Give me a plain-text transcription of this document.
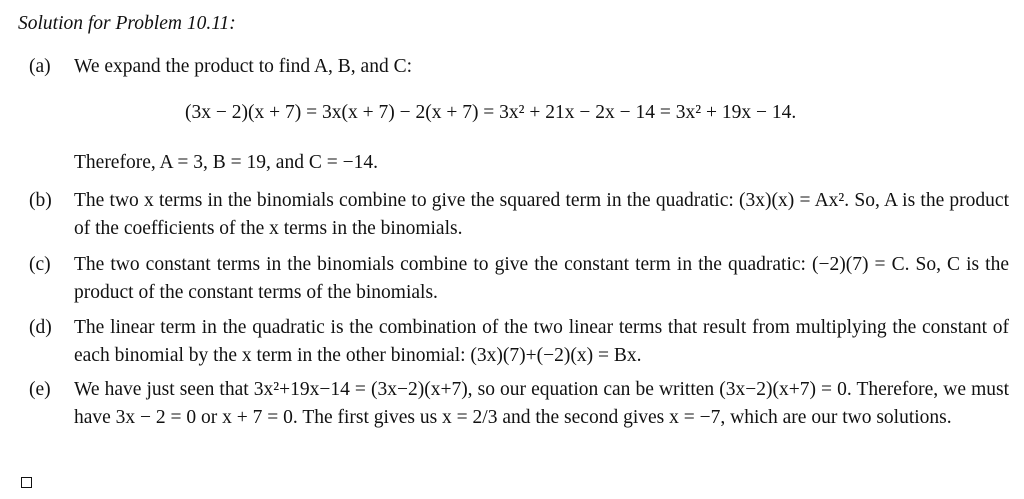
Solution for Problem 10.11:
(a)	We expand the product to find A, B, and C:
(3x − 2)(x + 7) = 3x(x + 7) − 2(x + 7) = 3x² + 21x − 2x − 14 = 3x² + 19x − 14.
Therefore, A = 3, B = 19, and C = −14.
(b)	The two x terms in the binomials combine to give the squared term in the quadratic: (3x)(x) = Ax². So, A is the product of the coefficients of the x terms in the binomials.
(c)	The two constant terms in the binomials combine to give the constant term in the quadratic: (−2)(7) = C. So, C is the product of the constant terms of the binomials.
(d)	The linear term in the quadratic is the combination of the two linear terms that result from multiplying the constant of each binomial by the x term in the other binomial: (3x)(7)+(−2)(x) = Bx.
(e)	We have just seen that 3x²+19x−14 = (3x−2)(x+7), so our equation can be written (3x−2)(x+7) = 0. Therefore, we must have 3x − 2 = 0 or x + 7 = 0. The first gives us x = 2/3 and the second gives x = −7, which are our two solutions.
